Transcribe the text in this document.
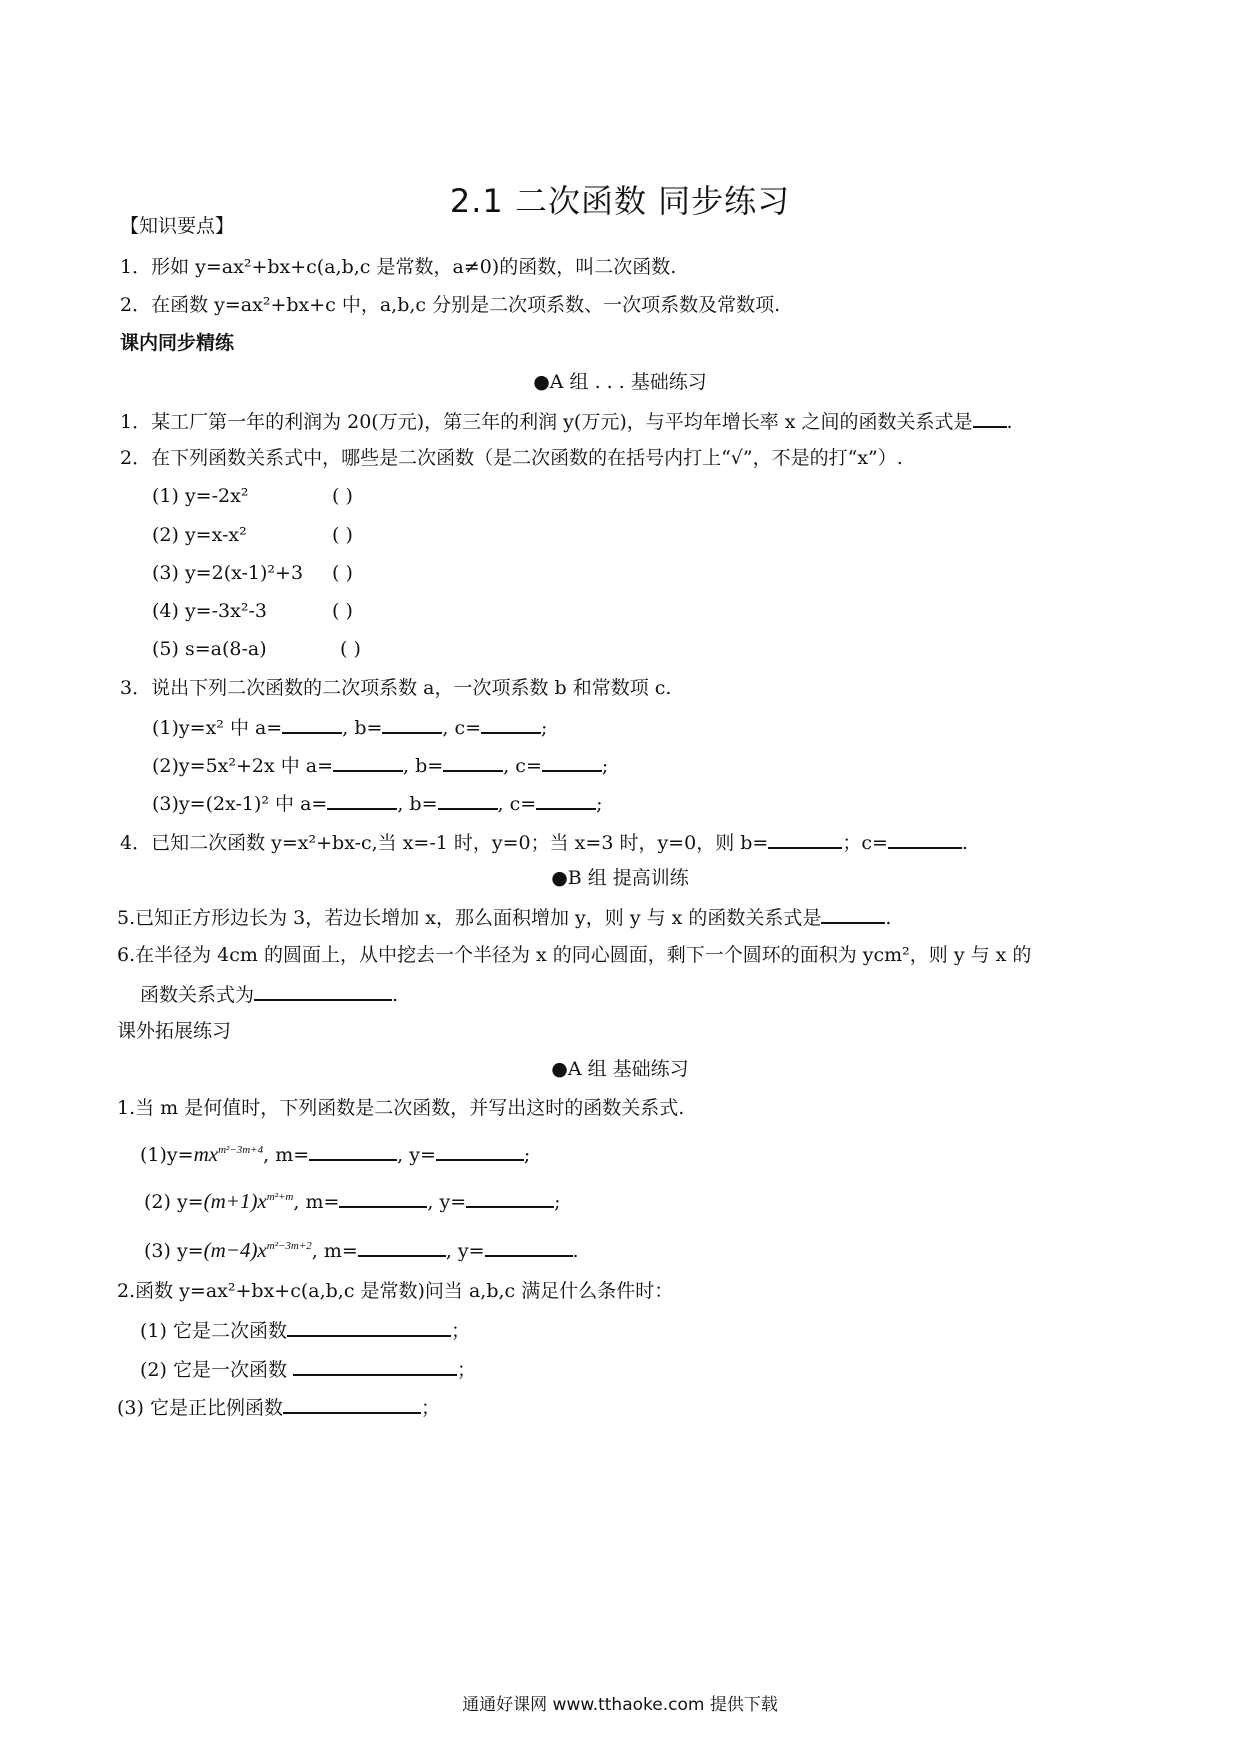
2.1 二次函数 同步练习
【知识要点】
1．形如 y=ax²+bx+c(a,b,c 是常数，a≠0)的函数，叫二次函数.
2．在函数 y=ax²+bx+c 中，a,b,c 分别是二次项系数、一次项系数及常数项.
课内同步精练
●A 组 . . . 基础练习
1．某工厂第一年的利润为 20(万元)，第三年的利润 y(万元)，与平均年增长率 x 之间的函数关系式是 .
2．在下列函数关系式中，哪些是二次函数（是二次函数的在括号内打上“√”，不是的打“x”）.
(1) y=-2x²	( )
(2) y=x-x²	( )
(3) y=2(x-1)²+3 ( )
(4) y=-3x²-3	( )
(5) s=a(8-a)	( )
3．说出下列二次函数的二次项系数 a，一次项系数 b 和常数项 c.
(1)y=x² 中 a=	, b=	, c=	;
(2)y=5x²+2x 中 a=	, b=	, c=	;
(3)y=(2x-1)² 中 a=	, b=	, c=	;
4．已知二次函数 y=x²+bx-c,当 x=-1 时，y=0；当 x=3 时，y=0，则 b=	；c=	.
●B 组 提高训练
5.已知正方形边长为 3，若边长增加 x，那么面积增加 y，则 y 与 x 的函数关系式是	.
6.在半径为 4cm 的圆面上，从中挖去一个半径为 x 的同心圆面，剩下一个圆环的面积为 ycm²，则 y 与 x 的
函数关系式为	.
课外拓展练习
●A 组 基础练习
1.当 m 是何值时，下列函数是二次函数，并写出这时的函数关系式.
$(1)y=mx^{m^2-3m+4}$, m=	, y=	;
(2) $y=(m+1)x^{m^2+m}$, m=	, y=	;
(3) $y=(m-4)x^{m^2-3m+2}$, m=	, y=	.
2.函数 y=ax²+bx+c(a,b,c 是常数)问当 a,b,c 满足什么条件时：
(1) 它是二次函数	；
(2) 它是一次函数	；
(3) 它是正比例函数	；
通通好课网 www.tthaoke.com 提供下载
